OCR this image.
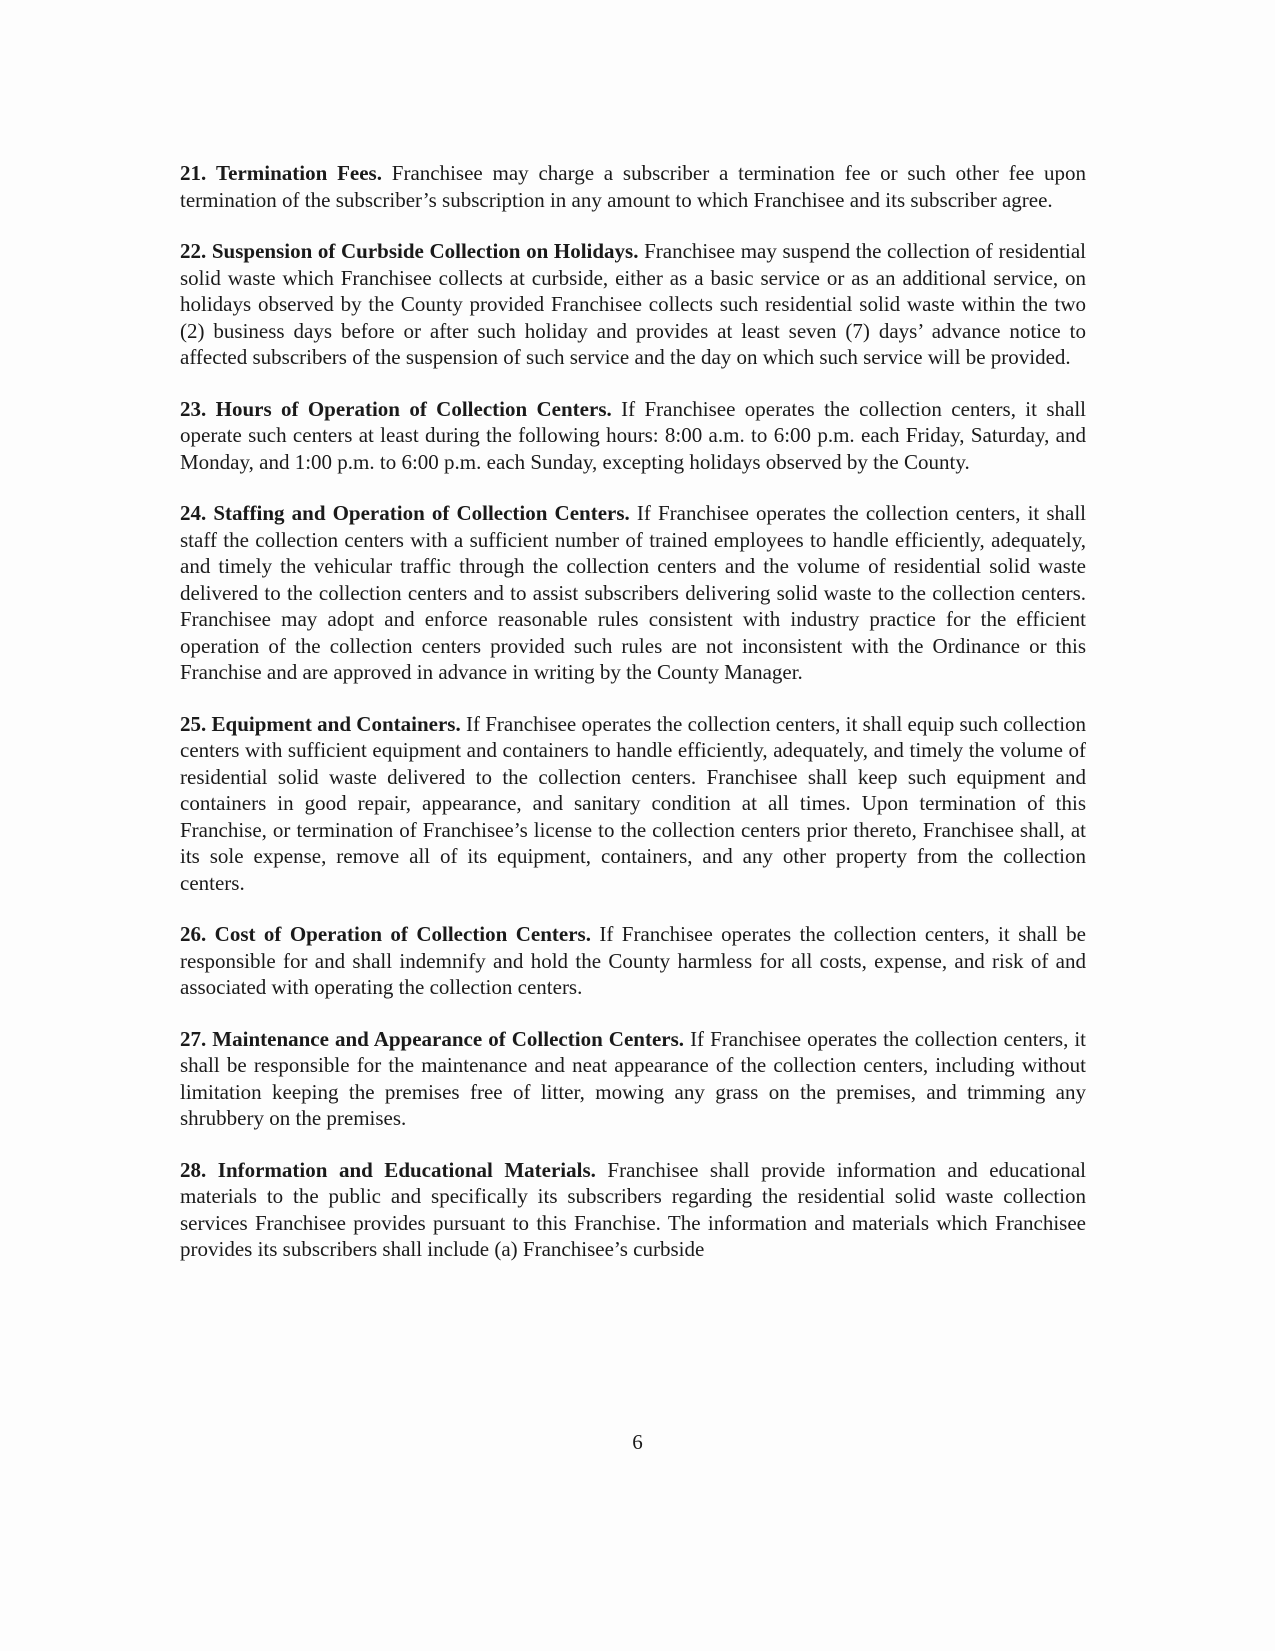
21. Termination Fees. Franchisee may charge a subscriber a termination fee or such other fee upon termination of the subscriber’s subscription in any amount to which Franchisee and its subscriber agree.

22. Suspension of Curbside Collection on Holidays. Franchisee may suspend the collection of residential solid waste which Franchisee collects at curbside, either as a basic service or as an additional service, on holidays observed by the County provided Franchisee collects such residential solid waste within the two (2) business days before or after such holiday and provides at least seven (7) days’ advance notice to affected subscribers of the suspension of such service and the day on which such service will be provided.

23. Hours of Operation of Collection Centers. If Franchisee operates the collection centers, it shall operate such centers at least during the following hours: 8:00 a.m. to 6:00 p.m. each Friday, Saturday, and Monday, and 1:00 p.m. to 6:00 p.m. each Sunday, excepting holidays observed by the County.

24. Staffing and Operation of Collection Centers. If Franchisee operates the collection centers, it shall staff the collection centers with a sufficient number of trained employees to handle efficiently, adequately, and timely the vehicular traffic through the collection centers and the volume of residential solid waste delivered to the collection centers and to assist subscribers delivering solid waste to the collection centers. Franchisee may adopt and enforce reasonable rules consistent with industry practice for the efficient operation of the collection centers provided such rules are not inconsistent with the Ordinance or this Franchise and are approved in advance in writing by the County Manager.

25. Equipment and Containers. If Franchisee operates the collection centers, it shall equip such collection centers with sufficient equipment and containers to handle efficiently, adequately, and timely the volume of residential solid waste delivered to the collection centers. Franchisee shall keep such equipment and containers in good repair, appearance, and sanitary condition at all times. Upon termination of this Franchise, or termination of Franchisee’s license to the collection centers prior thereto, Franchisee shall, at its sole expense, remove all of its equipment, containers, and any other property from the collection centers.

26. Cost of Operation of Collection Centers. If Franchisee operates the collection centers, it shall be responsible for and shall indemnify and hold the County harmless for all costs, expense, and risk of and associated with operating the collection centers.

27. Maintenance and Appearance of Collection Centers. If Franchisee operates the collection centers, it shall be responsible for the maintenance and neat appearance of the collection centers, including without limitation keeping the premises free of litter, mowing any grass on the premises, and trimming any shrubbery on the premises.

28. Information and Educational Materials. Franchisee shall provide information and educational materials to the public and specifically its subscribers regarding the residential solid waste collection services Franchisee provides pursuant to this Franchise. The information and materials which Franchisee provides its subscribers shall include (a) Franchisee’s curbside

6
